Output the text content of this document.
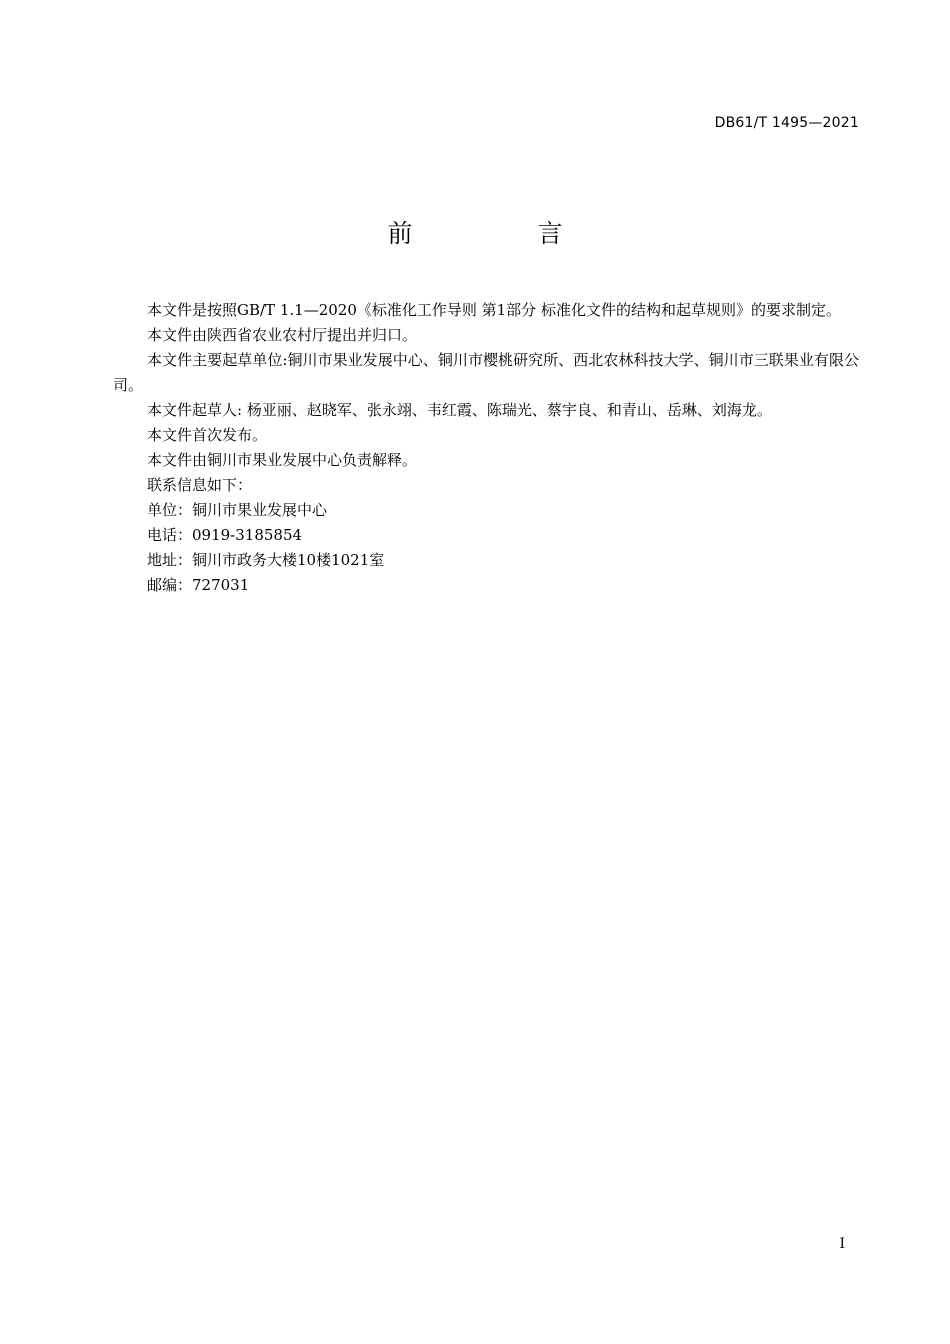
DB61/T 1495—2021
前　言

本文件是按照GB/T 1.1—2020《标准化工作导则 第1部分 标准化文件的结构和起草规则》的要求制定。

本文件由陕西省农业农村厅提出并归口。

本文件主要起草单位:铜川市果业发展中心、铜川市樱桃研究所、西北农林科技大学、铜川市三联果业有限公司。

本文件起草人: 杨亚丽、赵晓军、张永翊、韦红霞、陈瑞光、蔡宇良、和青山、岳琳、刘海龙。

本文件首次发布。

本文件由铜川市果业发展中心负责解释。

联系信息如下：

单位：铜川市果业发展中心

电话：0919-3185854

地址：铜川市政务大楼10楼1021室

邮编：727031

I
